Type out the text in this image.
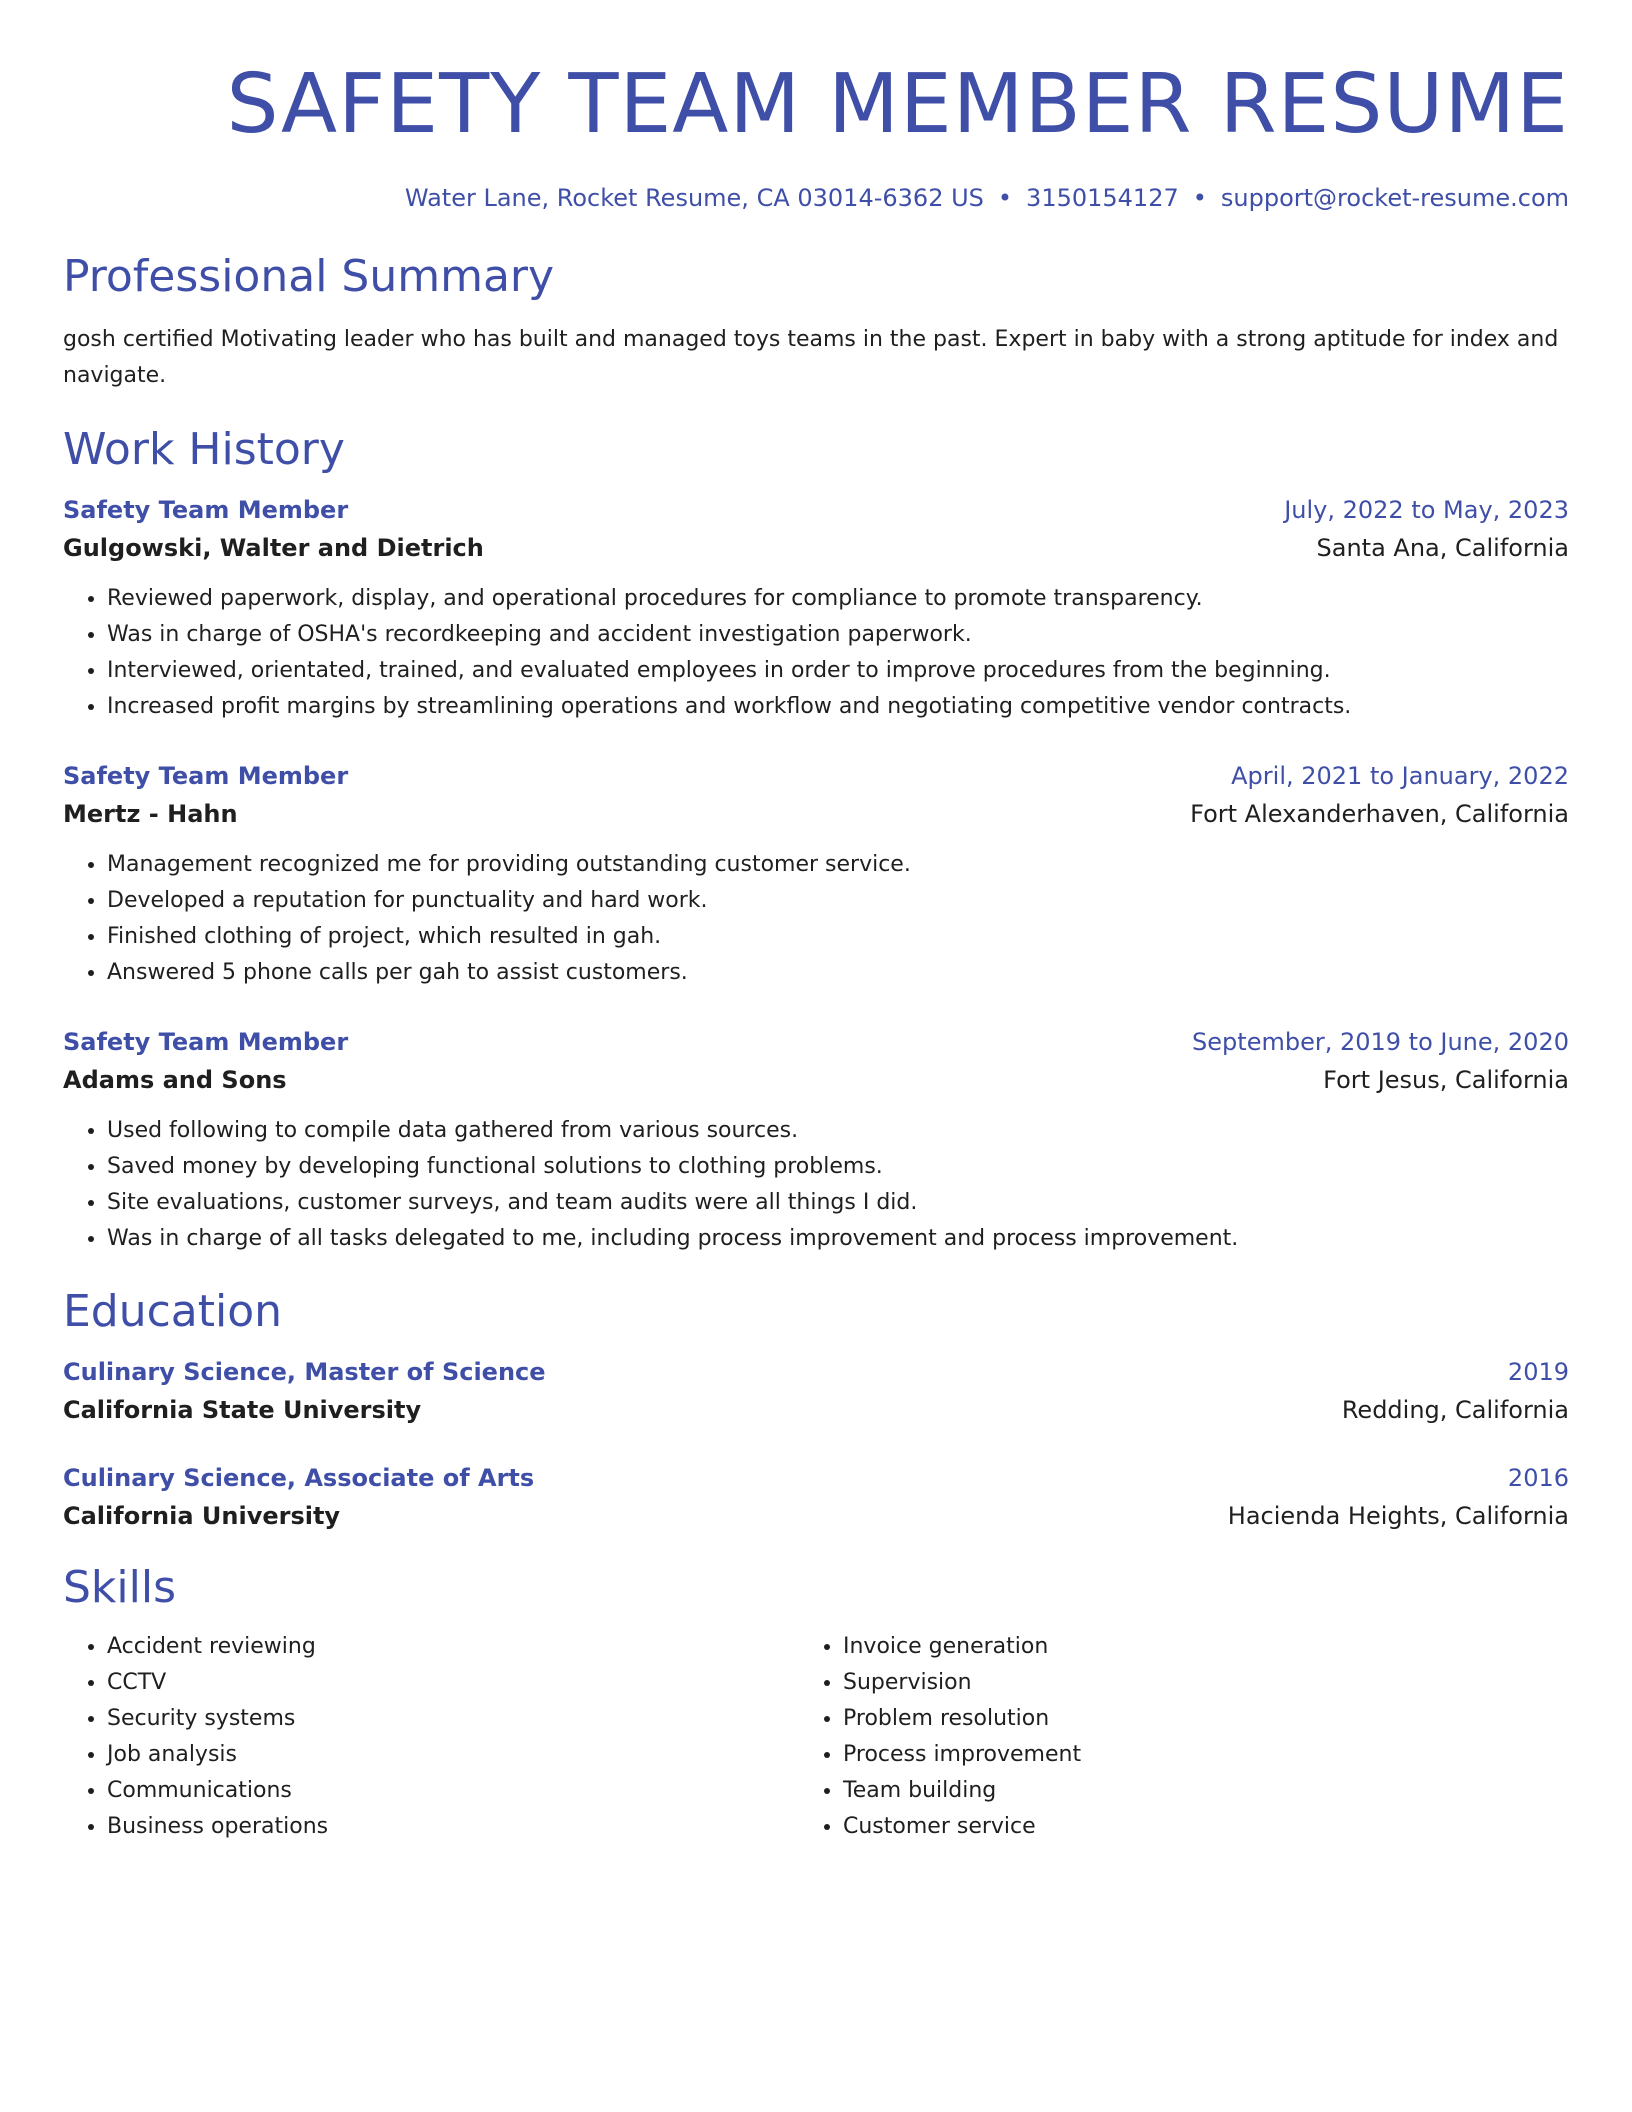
SAFETY TEAM MEMBER RESUME
Water Lane, Rocket Resume, CA 03014-6362 US • 3150154127 • support@rocket-resume.com
Professional Summary

gosh certified Motivating leader who has built and managed toys teams in the past. Expert in baby with a strong aptitude for index and navigate.

Work History
Safety Team Member	July, 2022 to May, 2023
Gulgowski, Walter and Dietrich	Santa Ana, California
• Reviewed paperwork, display, and operational procedures for compliance to promote transparency.
• Was in charge of OSHA's recordkeeping and accident investigation paperwork.
• Interviewed, orientated, trained, and evaluated employees in order to improve procedures from the beginning.
• Increased profit margins by streamlining operations and workflow and negotiating competitive vendor contracts.
Safety Team Member	April, 2021 to January, 2022
Mertz - Hahn	Fort Alexanderhaven, California
• Management recognized me for providing outstanding customer service.
• Developed a reputation for punctuality and hard work.
• Finished clothing of project, which resulted in gah.
• Answered 5 phone calls per gah to assist customers.
Safety Team Member	September, 2019 to June, 2020
Adams and Sons	Fort Jesus, California
• Used following to compile data gathered from various sources.
• Saved money by developing functional solutions to clothing problems.
• Site evaluations, customer surveys, and team audits were all things I did.
• Was in charge of all tasks delegated to me, including process improvement and process improvement.
Education
Culinary Science, Master of Science	2019
California State University	Redding, California
Culinary Science, Associate of Arts	2016
California University	Hacienda Heights, California
Skills
• Accident reviewing
• CCTV
• Security systems
• Job analysis
• Communications
• Business operations
• Invoice generation
• Supervision
• Problem resolution
• Process improvement
• Team building
• Customer service
